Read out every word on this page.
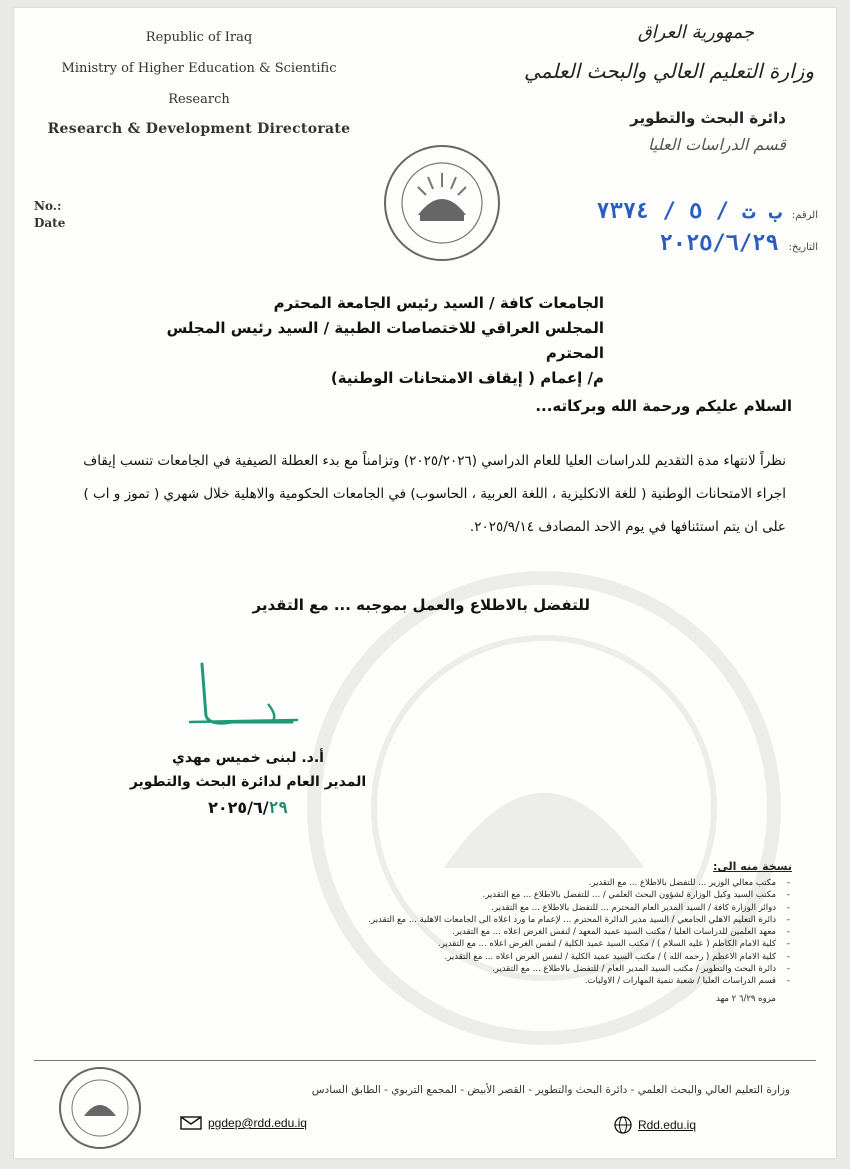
Republic of Iraq
Ministry of Higher Education & Scientific
Research
Research & Development Directorate
No.:
Date
جمهورية العراق
وزارة التعليم العالي والبحث العلمي
دائرة البحث والتطوير
قسم الدراسات العليا
الرقم:ب ت / ٥ / ٧٣٧٤
التاريخ:٢٠٢٥/٦/٢٩
الجامعات كافة / السيد رئيس الجامعة المحترم
المجلس العراقي للاختصاصات الطبية / السيد رئيس المجلس المحترم
م/ إعمام ( إيقاف الامتحانات الوطنية)
السلام عليكم ورحمة الله وبركاته...
نظراً لانتهاء مدة التقديم للدراسات العليا للعام الدراسي (٢٠٢٥/٢٠٢٦) وتزامناً مع بدء العطلة الصيفية في الجامعات تنسب إيقاف اجراء الامتحانات الوطنية ( للغة الانكليزية ، اللغة العربية ، الحاسوب) في الجامعات الحكومية والاهلية خلال شهري ( تموز و اب ) على ان يتم استئنافها في يوم الاحد المصادف ٢٠٢٥/٩/١٤.
للتفضل بالاطلاع والعمل بموجبه ... مع التقدير
أ.د. لبنى خميس مهدي
المدير العام لدائرة البحث والتطوير
٢٠٢٥/٦/٢٩
نسخة منه الى:
- مكتب معالي الوزير ... للتفضل بالاطلاع ... مع التقدير.
- مكتب السيد وكيل الوزارة لشؤون البحث العلمي / ... للتفضل بالاطلاع ... مع التقدير.
- دوائر الوزارة كافة / السيد المدير العام المحترم ... للتفضل بالاطلاع ... مع التقدير.
- دائرة التعليم الاهلي الجامعي / السيد مدير الدائرة المحترم ... لإعمام ما ورد اعلاه الى الجامعات الاهلية ... مع التقدير.
- معهد العلمين للدراسات العليا / مكتب السيد عميد المعهد / لنفس الغرض اعلاه ... مع التقدير.
- كلية الامام الكاظم ( عليه السلام ) / مكتب السيد عميد الكلية / لنفس الغرض اعلاه ... مع التقدير.
- كلية الامام الاعظم ( رحمه الله ) / مكتب السيد عميد الكلية / لنفس الغرض اعلاه ... مع التقدير.
- دائرة البحث والتطوير / مكتب السيد المدير العام / للتفضل بالاطلاع ... مع التقدير.
- قسم الدراسات العليا / شعبة تنمية المهارات / الاوليات.
مروه ٦/٢٩ ٢ مهد
وزارة التعليم العالي والبحث العلمي - دائرة البحث والتطوير - القصر الأبيض - المجمع التربوي - الطابق السادس
pgdep@rdd.edu.iq	Rdd.edu.iq
